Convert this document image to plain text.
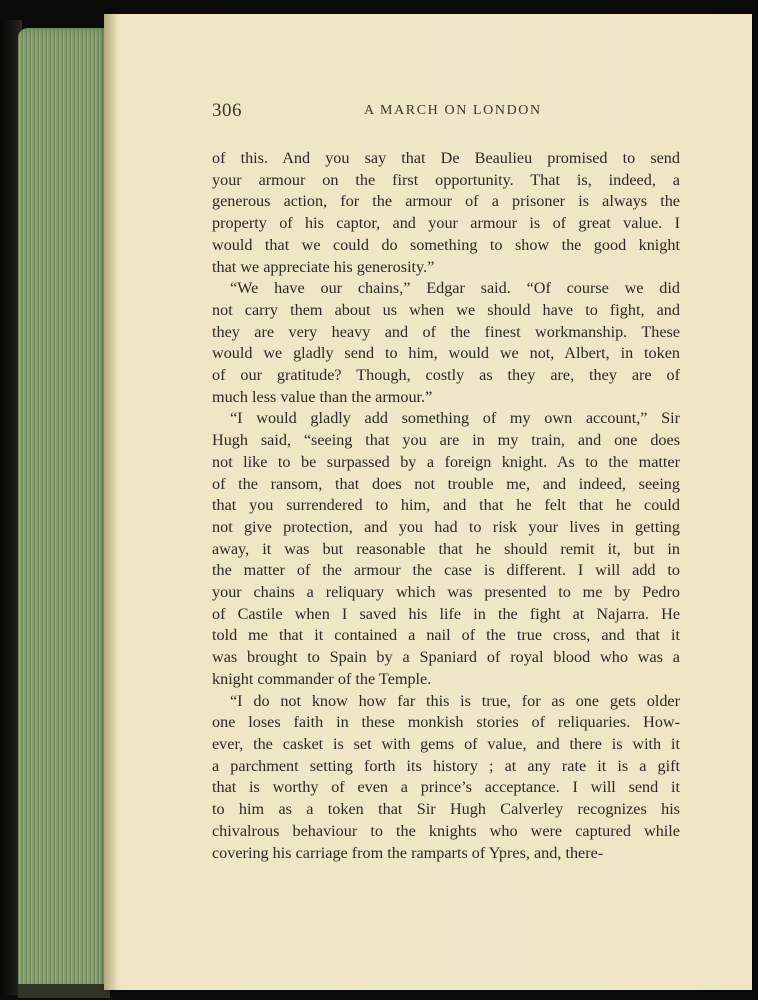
306	A MARCH ON LONDON
of this. And you say that De Beaulieu promised to send
your armour on the first opportunity. That is, indeed, a
generous action, for the armour of a prisoner is always the
property of his captor, and your armour is of great value. I
would that we could do something to show the good knight
that we appreciate his generosity.”
“We have our chains,” Edgar said. “Of course we did
not carry them about us when we should have to fight, and
they are very heavy and of the finest workmanship. These
would we gladly send to him, would we not, Albert, in token
of our gratitude? Though, costly as they are, they are of
much less value than the armour.”
“I would gladly add something of my own account,” Sir
Hugh said, “seeing that you are in my train, and one does
not like to be surpassed by a foreign knight. As to the matter
of the ransom, that does not trouble me, and indeed, seeing
that you surrendered to him, and that he felt that he could
not give protection, and you had to risk your lives in getting
away, it was but reasonable that he should remit it, but in
the matter of the armour the case is different. I will add to
your chains a reliquary which was presented to me by Pedro
of Castile when I saved his life in the fight at Najarra. He
told me that it contained a nail of the true cross, and that it
was brought to Spain by a Spaniard of royal blood who was a
knight commander of the Temple.
“I do not know how far this is true, for as one gets older
one loses faith in these monkish stories of reliquaries. How-
ever, the casket is set with gems of value, and there is with it
a parchment setting forth its history ; at any rate it is a gift
that is worthy of even a prince’s acceptance. I will send it
to him as a token that Sir Hugh Calverley recognizes his
chivalrous behaviour to the knights who were captured while
covering his carriage from the ramparts of Ypres, and, there-
